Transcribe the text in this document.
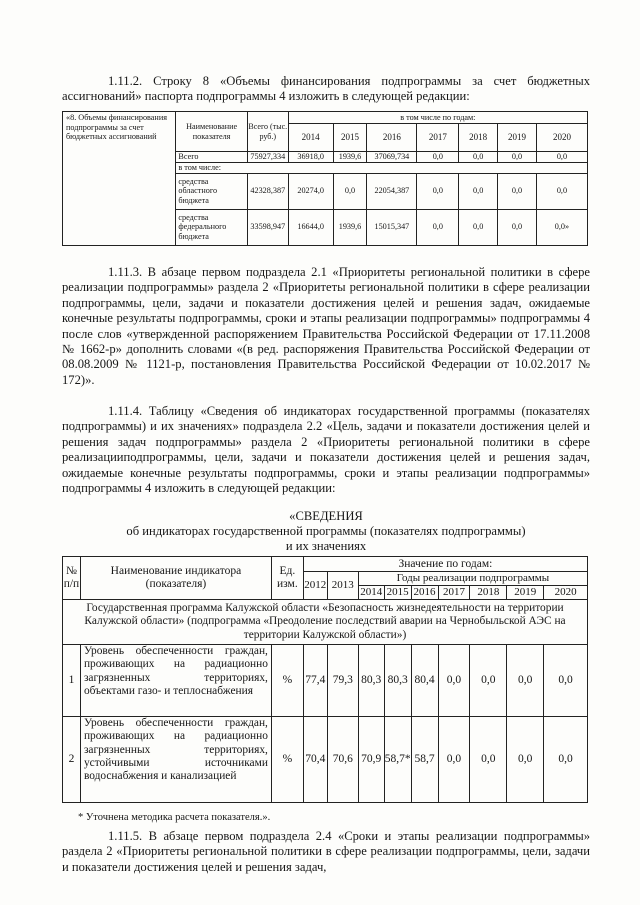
1.11.2. Строку 8 «Объемы финансирования подпрограммы за счет бюджетных ассигнований» паспорта подпрограммы 4 изложить в следующей редакции:

«8. Объемы финансирования подпрограммы за счет бюджетных ассигнований	Наименование показателя	Всего (тыс. руб.)	в том числе по годам:						
			2014	2015	2016	2017	2018	2019	2020
	Всего	75927,334	36918,0	1939,6	37069,734	0,0	0,0	0,0	0,0
	в том числе:								
	средства областного бюджета	42328,387	20274,0	0,0	22054,387	0,0	0,0	0,0	0,0
	средства федерального бюджета	33598,947	16644,0	1939,6	15015,347	0,0	0,0	0,0	0,0»

1.11.3. В абзаце первом подраздела 2.1 «Приоритеты региональной политики в сфере реализации подпрограммы» раздела 2 «Приоритеты региональной политики в сфере реализации подпрограммы, цели, задачи и показатели достижения целей и решения задач, ожидаемые конечные результаты подпрограммы, сроки и этапы реализации подпрограммы» подпрограммы 4 после слов «утвержденной распоряжением Правительства Российской Федерации от 17.11.2008 № 1662-р» дополнить словами «(в ред. распоряжения Правительства Российской Федерации от 08.08.2009 № 1121-р, постановления Правительства Российской Федерации от 10.02.2017 № 172)».

1.11.4. Таблицу «Сведения об индикаторах государственной программы (показателях подпрограммы) и их значениях» подраздела 2.2 «Цель, задачи и показатели достижения целей и решения задач подпрограммы» раздела 2 «Приоритеты региональной политики в сфере реализацииподпрограммы, цели, задачи и показатели достижения целей и решения задач, ожидаемые конечные результаты подпрограммы, сроки и этапы реализации подпрограммы» подпрограммы 4 изложить в следующей редакции:

«СВЕДЕНИЯ
об индикаторах государственной программы (показателях подпрограммы)
и их значениях
№ п/п	Наименование индикатора (показателя)	Ед. изм.	Значение по годам:								
			2012	2013	Годы реализации подпрограммы						
					2014	2015	2016	2017	2018	2019	2020
Государственная программа Калужской области «Безопасность жизнедеятельности на территории Калужской области» (подпрограмма «Преодоление последствий аварии на Чернобыльской АЭС на территории Калужской области»)											
1	Уровень обеспеченности граждан, проживающих на радиационно загрязненных территориях, объектами газо- и теплоснабжения	%	77,4	79,3	80,3	80,3	80,4	0,0	0,0	0,0	0,0
2	Уровень обеспеченности граждан, проживающих на радиационно загрязненных территориях, устойчивыми источниками водоснабжения и канализацией	%	70,4	70,6	70,9	58,7*	58,7	0,0	0,0	0,0	0,0
* Уточнена методика расчета показателя.».

1.11.5. В абзаце первом подраздела 2.4 «Сроки и этапы реализации подпрограммы» раздела 2 «Приоритеты региональной политики в сфере реализации подпрограммы, цели, задачи и показатели достижения целей и решения задач,
